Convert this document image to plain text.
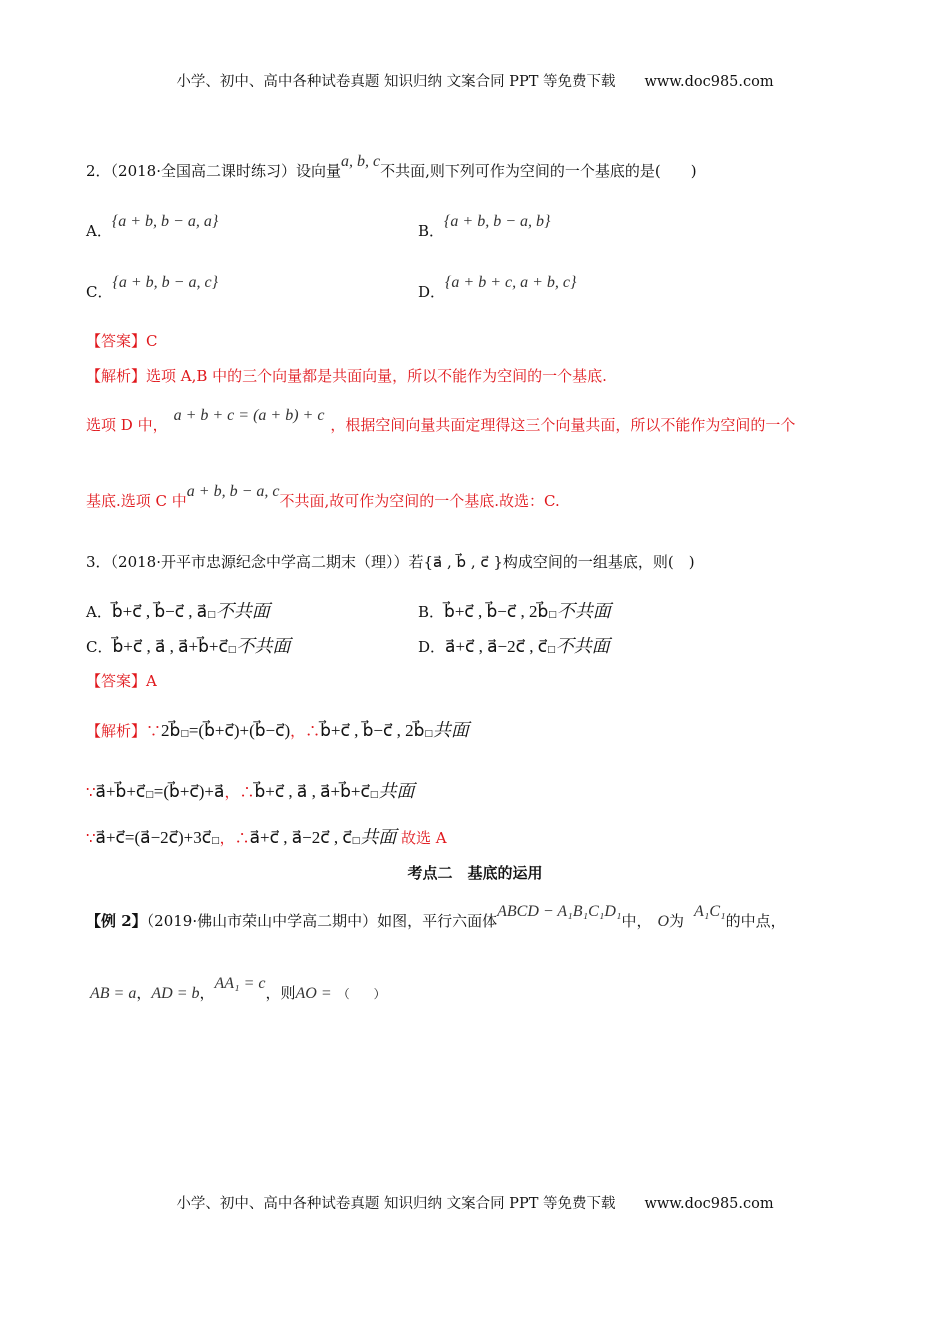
小学、初中、高中各种试卷真题 知识归纳 文案合同 PPT 等免费下载　　www.doc985.com
2．（2018·全国高二课时练习）设向量a, b, c不共面,则下列可作为空间的一个基底的是(　　)
A．{a + b, b − a, a}
B．{a + b, b − a, b}
C．{a + b, b − a, c}
D．{a + b + c, a + b, c}
【答案】C
【解析】选项 A,B 中的三个向量都是共面向量，所以不能作为空间的一个基底.
选项 D 中，a + b + c = (a + b) + c，根据空间向量共面定理得这三个向量共面，所以不能作为空间的一个
基底.选项 C 中a + b, b − a, c不共面,故可作为空间的一个基底.故选：C.
3．（2018·开平市忠源纪念中学高二期末（理））若{a⃗ , b⃗ , c⃗ }构成空间的一组基底，则(　)
A．b⃗+c⃗ , b⃗−c⃗ , a⃗□不共面	B．b⃗+c⃗ , b⃗−c⃗ , 2b⃗□不共面
C．b⃗+c⃗ , a⃗ , a⃗+b⃗+c⃗□不共面	D．a⃗+c⃗ , a⃗−2c⃗ , c⃗□不共面
【答案】A
【解析】∵2b⃗□=(b⃗+c⃗)+(b⃗−c⃗)，∴b⃗+c⃗ , b⃗−c⃗ , 2b⃗□共面
∵a⃗+b⃗+c⃗□=(b⃗+c⃗)+a⃗，∴b⃗+c⃗ , a⃗ , a⃗+b⃗+c⃗□共面
∵a⃗+c⃗=(a⃗−2c⃗)+3c⃗□，∴a⃗+c⃗ , a⃗−2c⃗ , c⃗□共面 故选 A
考点二　基底的运用
【例 2】（2019·佛山市荣山中学高二期中）如图，平行六面体ABCD − A₁B₁C₁D₁中， O为A₁C₁的中点，
AB = a，AD = b，AA₁ = c，则AO = （　　）
小学、初中、高中各种试卷真题 知识归纳 文案合同 PPT 等免费下载　　www.doc985.com
